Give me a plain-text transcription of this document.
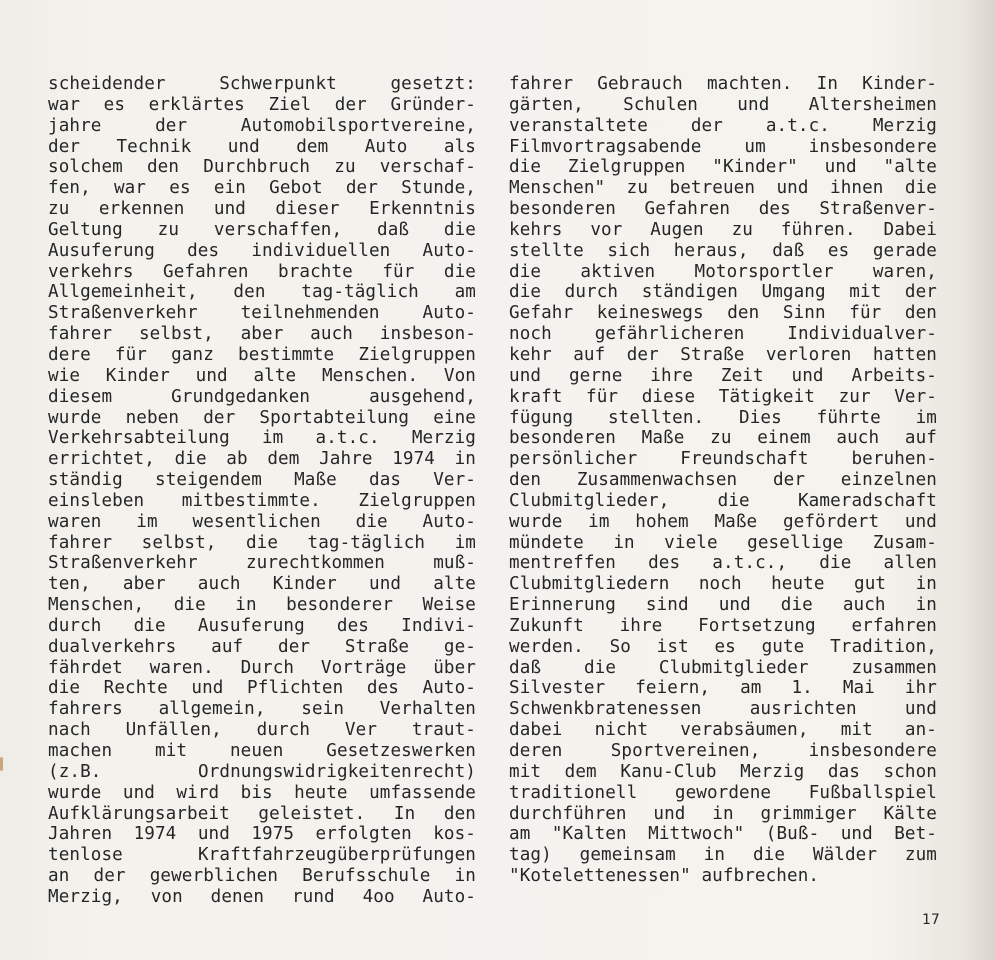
scheidender Schwerpunkt gesetzt:
war es erklärtes Ziel der Gründer-
jahre der Automobilsportvereine,
der Technik und dem Auto als
solchem den Durchbruch zu verschaf-
fen, war es ein Gebot der Stunde,
zu erkennen und dieser Erkenntnis
Geltung zu verschaffen, daß die
Ausuferung des individuellen Auto-
verkehrs Gefahren brachte für die
Allgemeinheit, den tag-täglich am
Straßenverkehr teilnehmenden Auto-
fahrer selbst, aber auch insbeson-
dere für ganz bestimmte Zielgruppen
wie Kinder und alte Menschen. Von
diesem Grundgedanken ausgehend,
wurde neben der Sportabteilung eine
Verkehrsabteilung im a.t.c. Merzig
errichtet, die ab dem Jahre 1974 in
ständig steigendem Maße das Ver-
einsleben mitbestimmte. Zielgruppen
waren im wesentlichen die Auto-
fahrer selbst, die tag-täglich im
Straßenverkehr zurechtkommen muß-
ten, aber auch Kinder und alte
Menschen, die in besonderer Weise
durch die Ausuferung des Indivi-
dualverkehrs auf der Straße ge-
fährdet waren. Durch Vorträge über
die Rechte und Pflichten des Auto-
fahrers allgemein, sein Verhalten
nach Unfällen, durch Ver traut-
machen mit neuen Gesetzeswerken
(z.B. Ordnungswidrigkeitenrecht)
wurde und wird bis heute umfassende
Aufklärungsarbeit geleistet. In den
Jahren 1974 und 1975 erfolgten kos-
tenlose Kraftfahrzeugüberprüfungen
an der gewerblichen Berufsschule in
Merzig, von denen rund 4oo Auto-
fahrer Gebrauch machten. In Kinder-
gärten, Schulen und Altersheimen
veranstaltete der a.t.c. Merzig
Filmvortragsabende um insbesondere
die Zielgruppen "Kinder" und "alte
Menschen" zu betreuen und ihnen die
besonderen Gefahren des Straßenver-
kehrs vor Augen zu führen. Dabei
stellte sich heraus, daß es gerade
die aktiven Motorsportler waren,
die durch ständigen Umgang mit der
Gefahr keineswegs den Sinn für den
noch gefährlicheren Individualver-
kehr auf der Straße verloren hatten
und gerne ihre Zeit und Arbeits-
kraft für diese Tätigkeit zur Ver-
fügung stellten. Dies führte im
besonderen Maße zu einem auch auf
persönlicher Freundschaft beruhen-
den Zusammenwachsen der einzelnen
Clubmitglieder, die Kameradschaft
wurde im hohem Maße gefördert und
mündete in viele gesellige Zusam-
mentreffen des a.t.c., die allen
Clubmitgliedern noch heute gut in
Erinnerung sind und die auch in
Zukunft ihre Fortsetzung erfahren
werden. So ist es gute Tradition,
daß die Clubmitglieder zusammen
Silvester feiern, am 1. Mai ihr
Schwenkbratenessen ausrichten und
dabei nicht verabsäumen, mit an-
deren Sportvereinen, insbesondere
mit dem Kanu-Club Merzig das schon
traditionell gewordene Fußballspiel
durchführen und in grimmiger Kälte
am "Kalten Mittwoch" (Buß- und Bet-
tag) gemeinsam in die Wälder zum
"Kotelettenessen" aufbrechen.
17
